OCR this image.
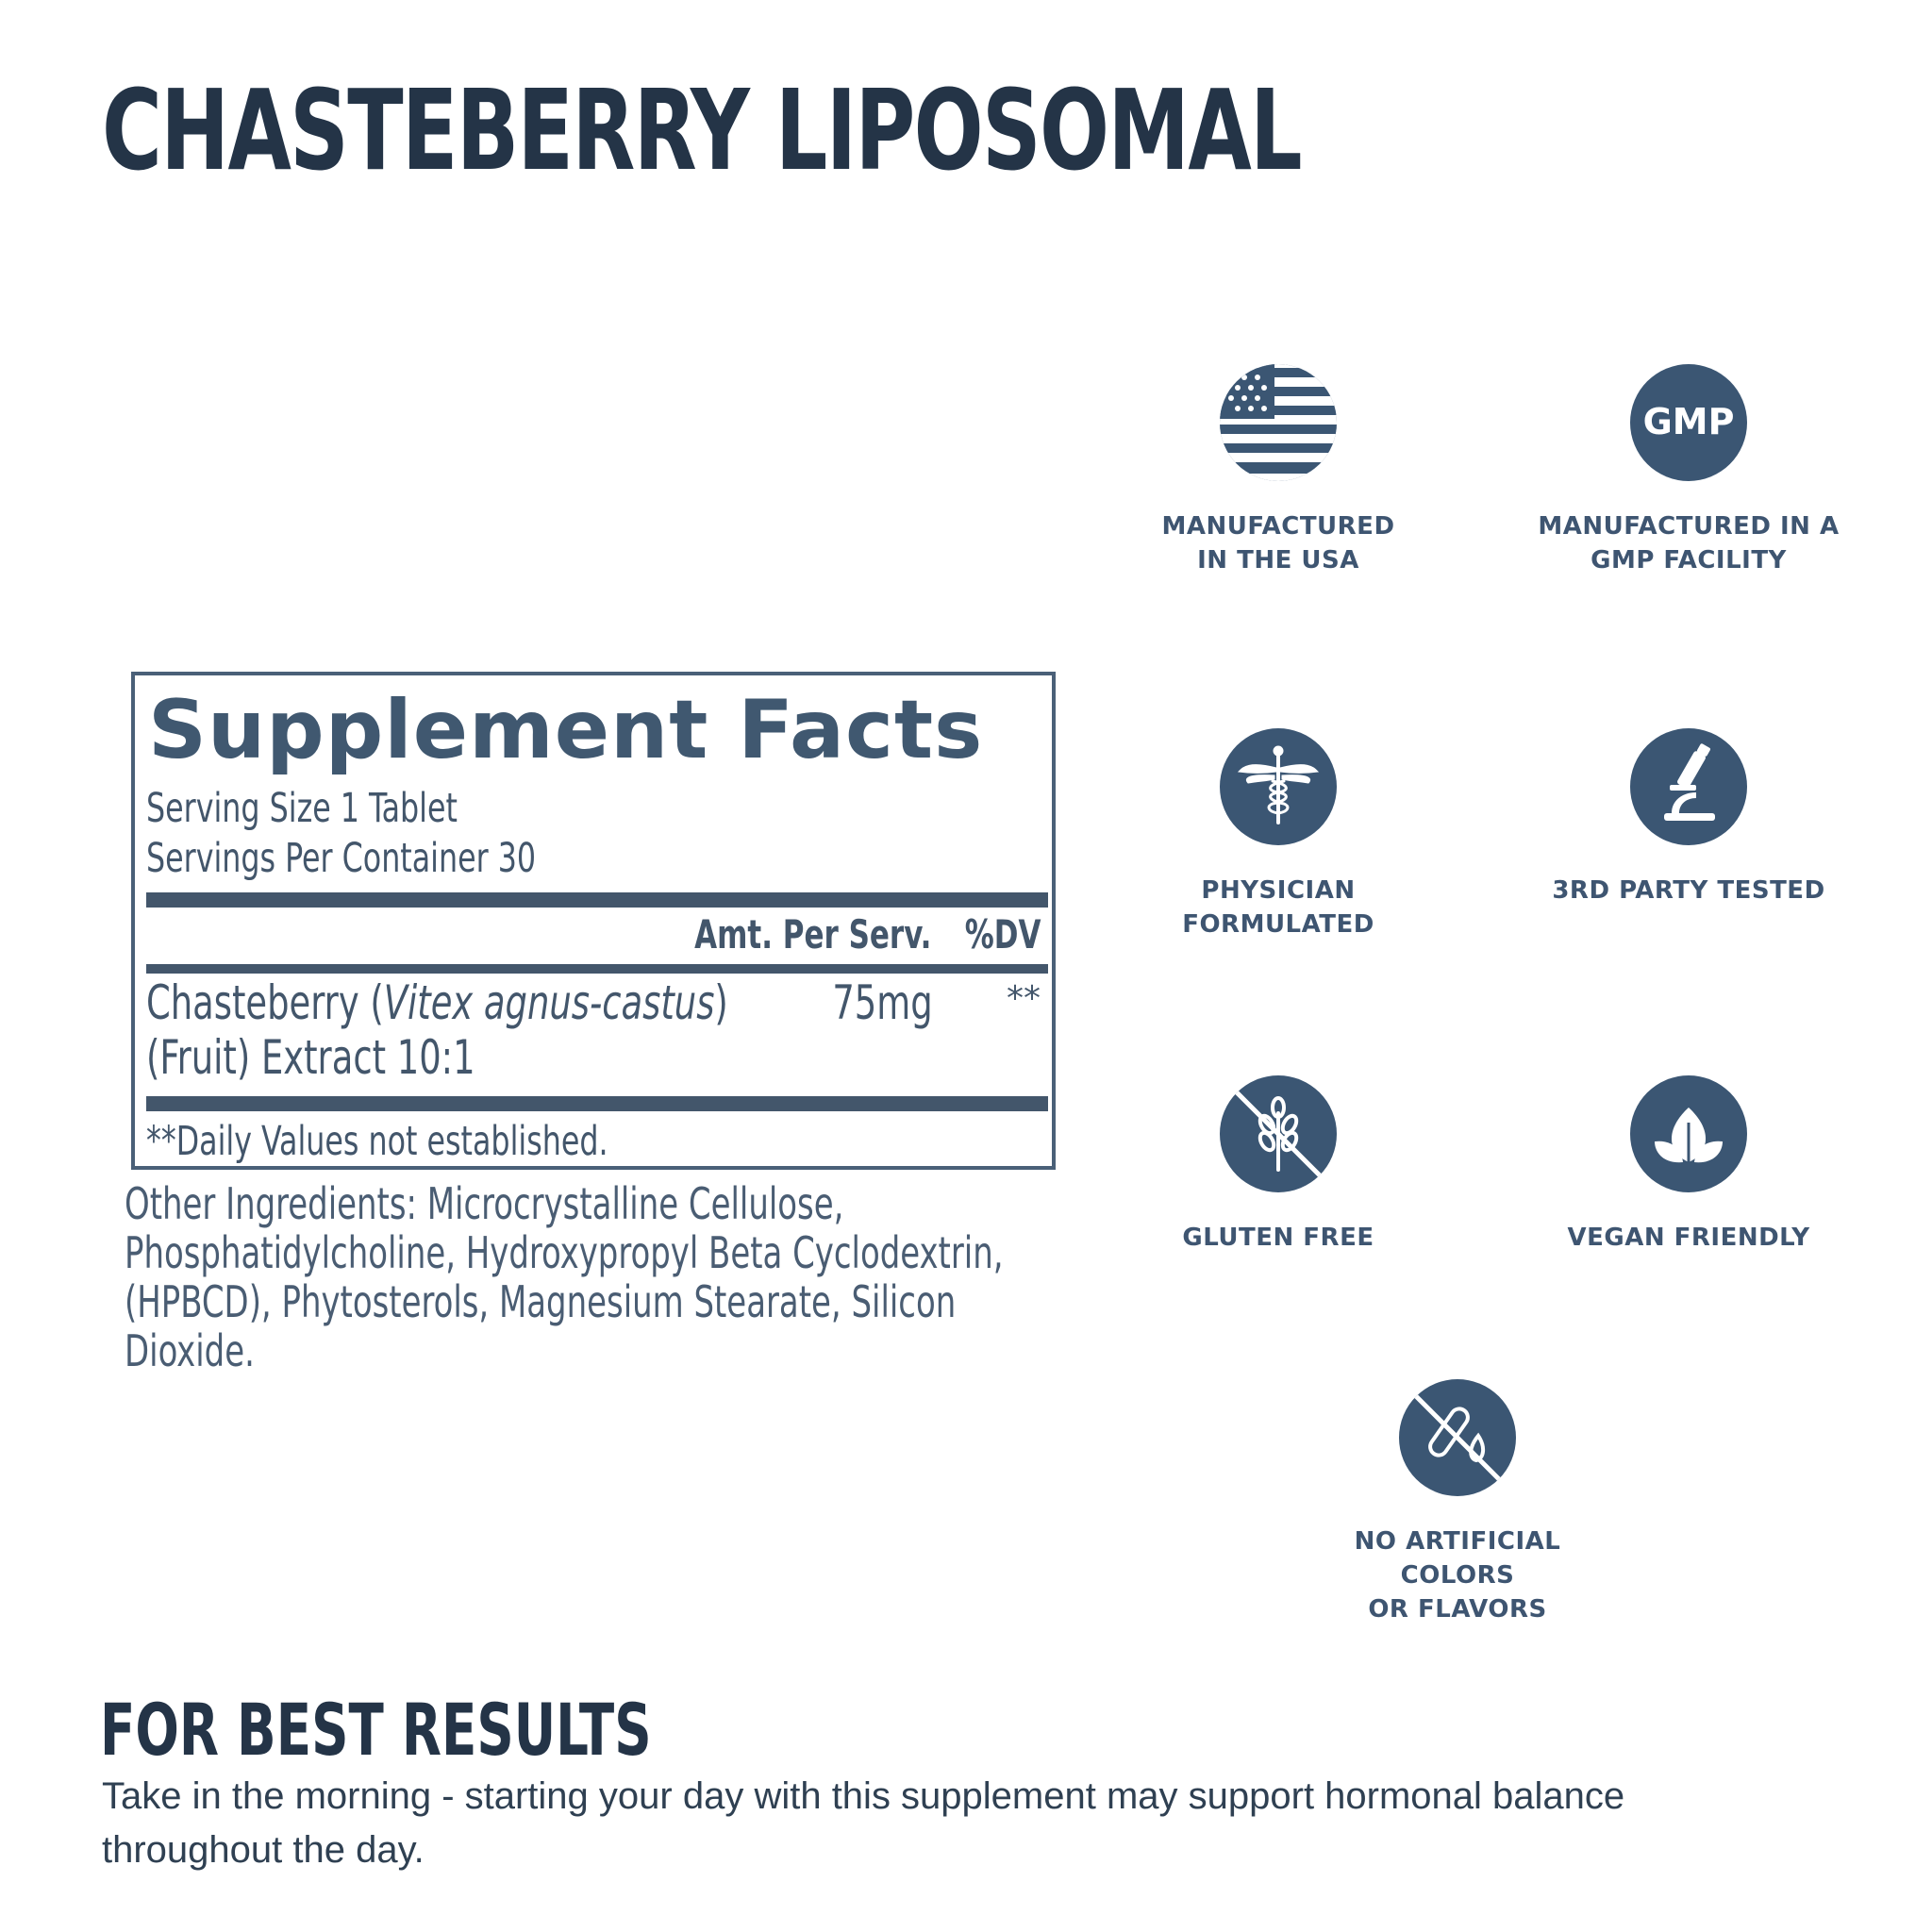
CHASTEBERRY LIPOSOMAL
Supplement Facts
Serving Size 1 Tablet
Servings Per Container 30
Amt. Per Serv. %DV
Chasteberry (Vitex agnus-castus)
(Fruit) Extract 10:1
75mg **
**Daily Values not established.

Other Ingredients: Microcrystalline Cellulose, Phosphatidylcholine, Hydroxypropyl Beta Cyclodextrin, (HPBCD), Phytosterols, Magnesium Stearate, Silicon Dioxide.

MANUFACTURED
IN THE USA
GMP
MANUFACTURED IN A
GMP FACILITY
PHYSICIAN
FORMULATED
3RD PARTY TESTED
GLUTEN FREE	VEGAN FRIENDLY
NO ARTIFICIAL COLORS
OR FLAVORS
FOR BEST RESULTS

Take in the morning - starting your day with this supplement may support hormonal balance throughout the day.
